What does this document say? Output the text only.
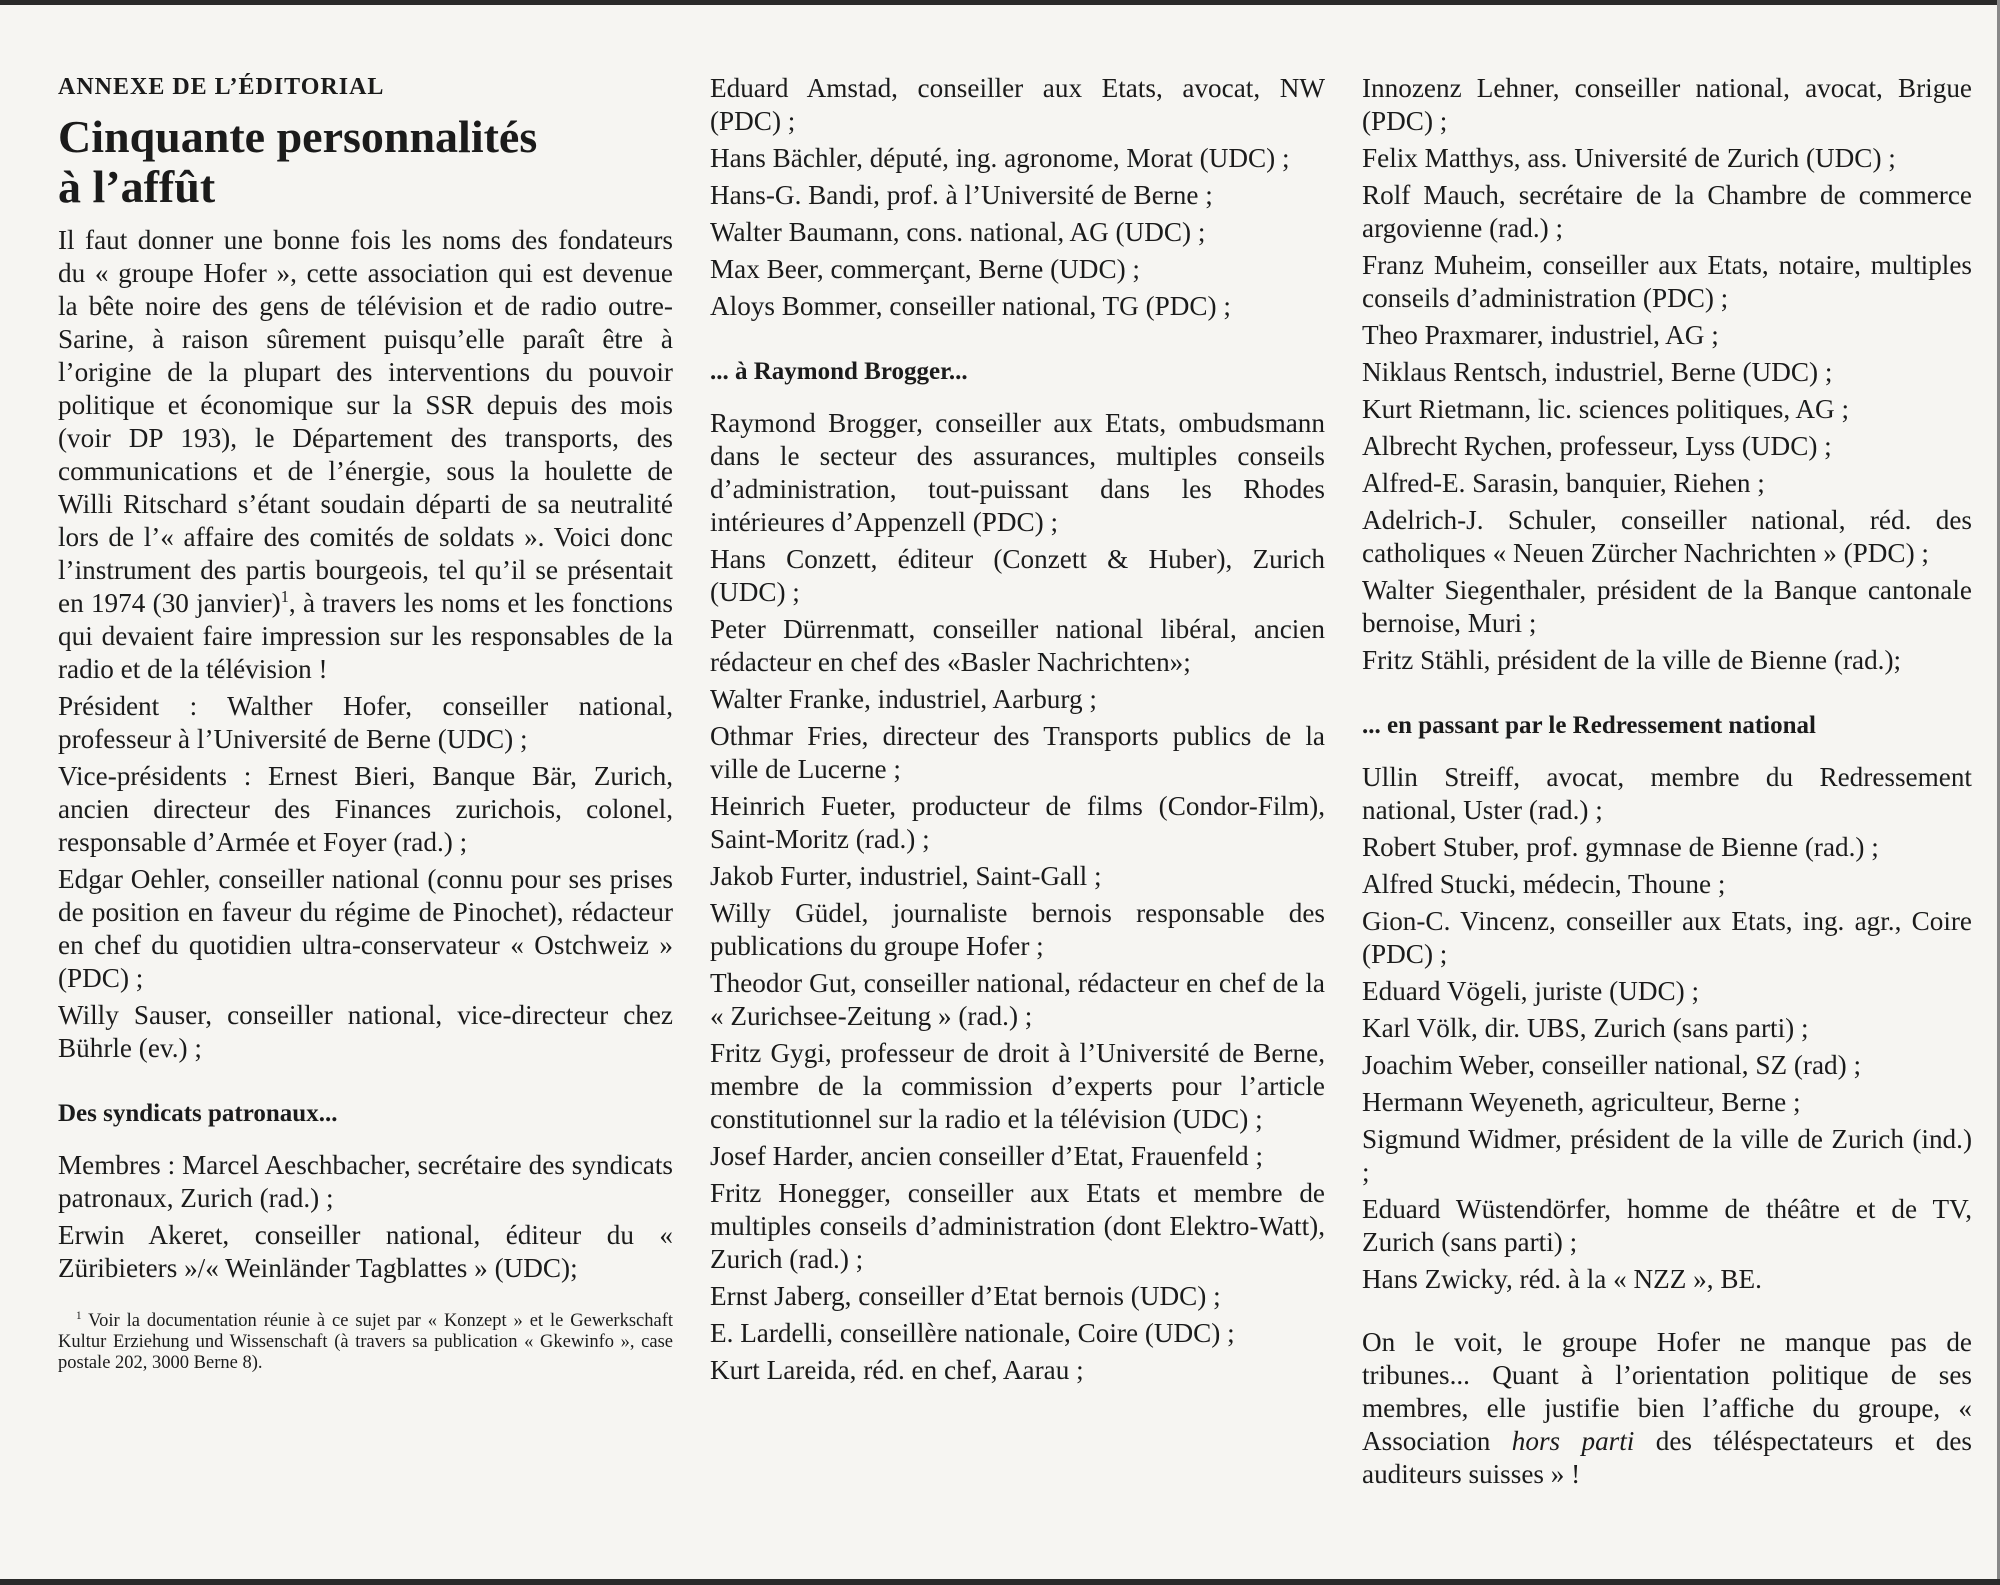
ANNEXE DE L’ÉDITORIAL
Cinquante personnalités
à l’affût

Il faut donner une bonne fois les noms des fondateurs du « groupe Hofer », cette association qui est devenue la bête noire des gens de télévision et de radio outre-Sarine, à raison sûrement puisqu’elle paraît être à l’origine de la plupart des interventions du pouvoir politique et économique sur la SSR depuis des mois (voir DP 193), le Département des transports, des communications et de l’énergie, sous la houlette de Willi Ritschard s’étant soudain départi de sa neutralité lors de l’« affaire des comités de soldats ». Voici donc l’instrument des partis bourgeois, tel qu’il se présentait en 1974 (30 janvier)$^1$, à travers les noms et les fonctions qui devaient faire impression sur les responsables de la radio et de la télévision !

Président : Walther Hofer, conseiller national, professeur à l’Université de Berne (UDC) ;

Vice-présidents : Ernest Bieri, Banque Bär, Zurich, ancien directeur des Finances zurichois, colonel, responsable d’Armée et Foyer (rad.) ;

Edgar Oehler, conseiller national (connu pour ses prises de position en faveur du régime de Pinochet), rédacteur en chef du quotidien ultra-conservateur « Ostchweiz » (PDC) ;

Willy Sauser, conseiller national, vice-directeur chez Bührle (ev.) ;

Des syndicats patronaux...

Membres : Marcel Aeschbacher, secrétaire des syndicats patronaux, Zurich (rad.) ;

Erwin Akeret, conseiller national, éditeur du « Züribieters »/« Weinländer Tagblattes » (UDC);

$^1$ Voir la documentation réunie à ce sujet par « Konzept » et le Gewerkschaft Kultur Erziehung und Wissenschaft (à travers sa publication « Gkewinfo », case postale 202, 3000 Berne 8).

Eduard Amstad, conseiller aux Etats, avocat, NW (PDC) ;

Hans Bächler, député, ing. agronome, Morat (UDC) ;

Hans-G. Bandi, prof. à l’Université de Berne ;

Walter Baumann, cons. national, AG (UDC) ;

Max Beer, commerçant, Berne (UDC) ;

Aloys Bommer, conseiller national, TG (PDC) ;

... à Raymond Brogger...

Raymond Brogger, conseiller aux Etats, ombudsmann dans le secteur des assurances, multiples conseils d’administration, tout-puissant dans les Rhodes intérieures d’Appenzell (PDC) ;

Hans Conzett, éditeur (Conzett & Huber), Zurich (UDC) ;

Peter Dürrenmatt, conseiller national libéral, ancien rédacteur en chef des «Basler Nachrichten»;

Walter Franke, industriel, Aarburg ;

Othmar Fries, directeur des Transports publics de la ville de Lucerne ;

Heinrich Fueter, producteur de films (Condor-Film), Saint-Moritz (rad.) ;

Jakob Furter, industriel, Saint-Gall ;

Willy Güdel, journaliste bernois responsable des publications du groupe Hofer ;

Theodor Gut, conseiller national, rédacteur en chef de la « Zurichsee-Zeitung » (rad.) ;

Fritz Gygi, professeur de droit à l’Université de Berne, membre de la commission d’experts pour l’article constitutionnel sur la radio et la télévision (UDC) ;

Josef Harder, ancien conseiller d’Etat, Frauenfeld ;

Fritz Honegger, conseiller aux Etats et membre de multiples conseils d’administration (dont Elektro-Watt), Zurich (rad.) ;

Ernst Jaberg, conseiller d’Etat bernois (UDC) ;

E. Lardelli, conseillère nationale, Coire (UDC) ;

Kurt Lareida, réd. en chef, Aarau ;

Innozenz Lehner, conseiller national, avocat, Brigue (PDC) ;

Felix Matthys, ass. Université de Zurich (UDC) ;

Rolf Mauch, secrétaire de la Chambre de commerce argovienne (rad.) ;

Franz Muheim, conseiller aux Etats, notaire, multiples conseils d’administration (PDC) ;

Theo Praxmarer, industriel, AG ;

Niklaus Rentsch, industriel, Berne (UDC) ;

Kurt Rietmann, lic. sciences politiques, AG ;

Albrecht Rychen, professeur, Lyss (UDC) ;

Alfred-E. Sarasin, banquier, Riehen ;

Adelrich-J. Schuler, conseiller national, réd. des catholiques « Neuen Zürcher Nachrichten » (PDC) ;

Walter Siegenthaler, président de la Banque cantonale bernoise, Muri ;

Fritz Stähli, président de la ville de Bienne (rad.);

... en passant par le Redressement national

Ullin Streiff, avocat, membre du Redressement national, Uster (rad.) ;

Robert Stuber, prof. gymnase de Bienne (rad.) ;

Alfred Stucki, médecin, Thoune ;

Gion-C. Vincenz, conseiller aux Etats, ing. agr., Coire (PDC) ;

Eduard Vögeli, juriste (UDC) ;

Karl Völk, dir. UBS, Zurich (sans parti) ;

Joachim Weber, conseiller national, SZ (rad) ;

Hermann Weyeneth, agriculteur, Berne ;

Sigmund Widmer, président de la ville de Zurich (ind.) ;

Eduard Wüstendörfer, homme de théâtre et de TV, Zurich (sans parti) ;

Hans Zwicky, réd. à la « NZZ », BE.

On le voit, le groupe Hofer ne manque pas de tribunes... Quant à l’orientation politique de ses membres, elle justifie bien l’affiche du groupe, « Association hors parti des téléspectateurs et des auditeurs suisses » !
